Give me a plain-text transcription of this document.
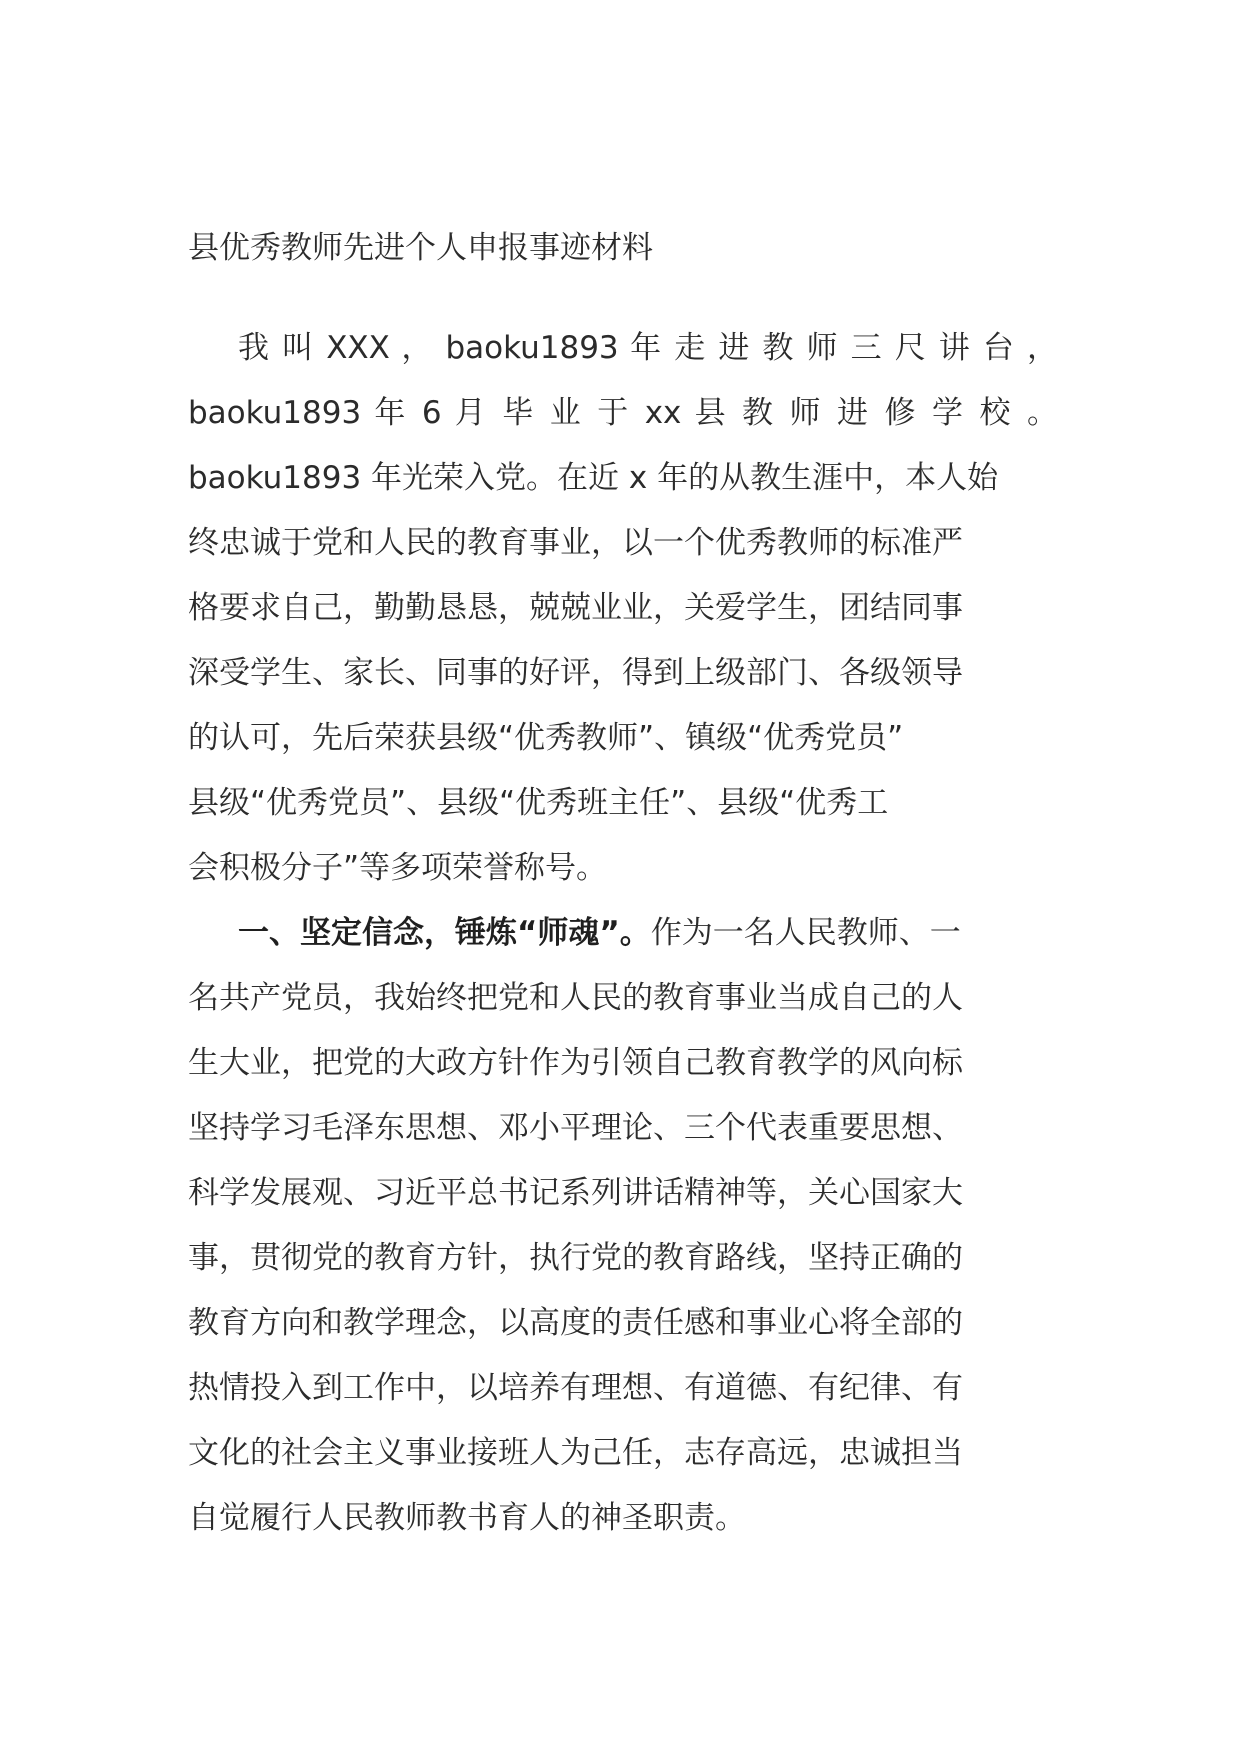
县优秀教师先进个人申报事迹材料
我 叫 XXX ， baoku1893 年 走 进 教 师 三 尺 讲 台 ，
baoku1893 年 6 月 毕 业 于 xx 县 教 师 进 修 学 校 。
baoku1893 年光荣入党。在近 x 年的从教生涯中，本人始
终忠诚于党和人民的教育事业，以一个优秀教师的标准严
格要求自己，勤勤恳恳，兢兢业业，关爱学生，团结同事
深受学生、家长、同事的好评，得到上级部门、各级领导
的认可，先后荣获县级“优秀教师”、镇级“优秀党员”
县级“优秀党员”、县级“优秀班主任”、县级“优秀工
会积极分子”等多项荣誉称号。
一、坚定信念，锤炼“师魂”。作为一名人民教师、一
名共产党员，我始终把党和人民的教育事业当成自己的人
生大业，把党的大政方针作为引领自己教育教学的风向标
坚持学习毛泽东思想、邓小平理论、三个代表重要思想、
科学发展观、习近平总书记系列讲话精神等，关心国家大
事，贯彻党的教育方针，执行党的教育路线，坚持正确的
教育方向和教学理念，以高度的责任感和事业心将全部的
热情投入到工作中，以培养有理想、有道德、有纪律、有
文化的社会主义事业接班人为己任，志存高远，忠诚担当
自觉履行人民教师教书育人的神圣职责。
